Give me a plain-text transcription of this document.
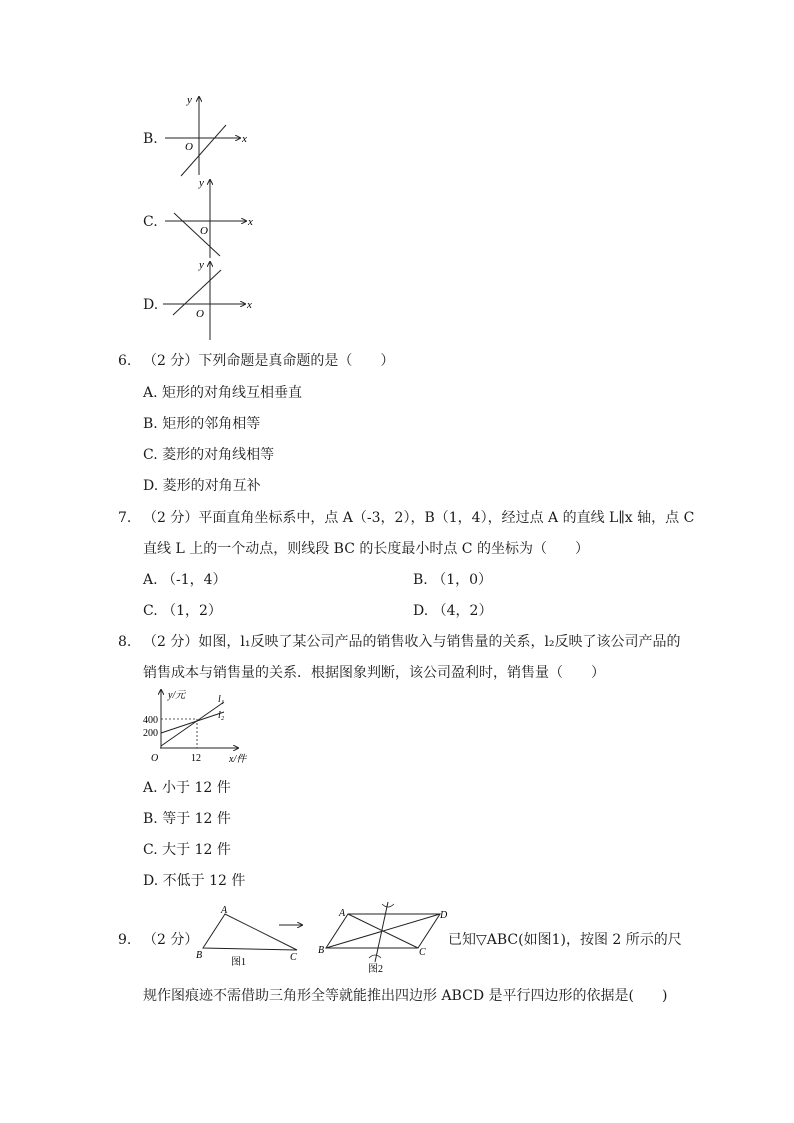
B.	x
y
O
x
y
O
x
y
O
y/元
x/件
O
400
200
12
l₁
l₂
A
B	C
图1
A	D
B	C
图2
C.
D.
6. （2 分）下列命题是真命题的是（　　）
A. 矩形的对角线互相垂直
B. 矩形的邻角相等
C. 菱形的对角线相等
D. 菱形的对角互补
7. （2 分）平面直角坐标系中，点 A（-3，2），B（1，4），经过点 A 的直线 L∥x 轴，点 C
直线 L 上的一个动点，则线段 BC 的长度最小时点 C 的坐标为（　　）
A. （-1，4）	B. （1，0）
C. （1，2）	D. （4，2）
8. （2 分）如图，l₁反映了某公司产品的销售收入与销售量的关系，l₂反映了该公司产品的
销售成本与销售量的关系．根据图象判断，该公司盈利时，销售量（　　）
A. 小于 12 件
B. 等于 12 件
C. 大于 12 件
D. 不低于 12 件
9. （2 分）	已知▽ABC(如图1)，按图 2 所示的尺
规作图痕迹不需借助三角形全等就能推出四边形 ABCD 是平行四边形的依据是(　　)
